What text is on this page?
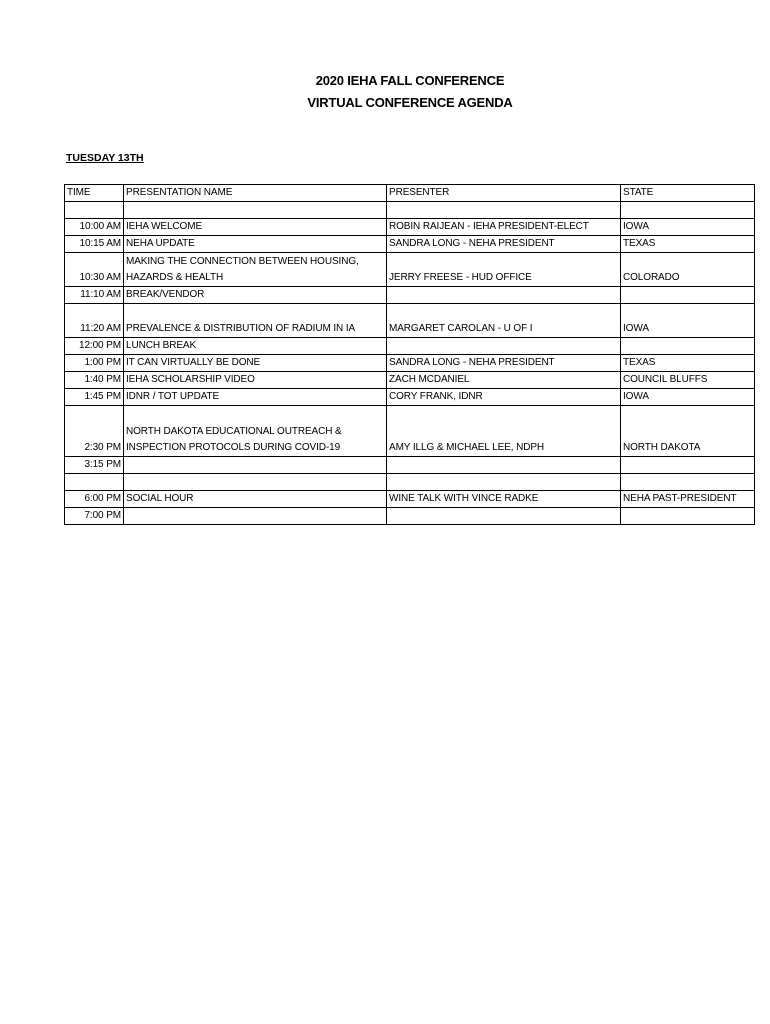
2020 IEHA FALL CONFERENCE
VIRTUAL CONFERENCE AGENDA
TUESDAY 13TH
TIME	PRESENTATION NAME	PRESENTER	STATE

10:00 AM	IEHA WELCOME	ROBIN RAIJEAN - IEHA PRESIDENT-ELECT	IOWA
10:15 AM	NEHA UPDATE	SANDRA LONG - NEHA PRESIDENT	TEXAS
10:30 AM	MAKING THE CONNECTION BETWEEN HOUSING, HAZARDS & HEALTH	JERRY FREESE - HUD OFFICE	COLORADO
11:10 AM	BREAK/VENDOR		
11:20 AM	PREVALENCE & DISTRIBUTION OF RADIUM IN IA	MARGARET CAROLAN - U OF I	IOWA
12:00 PM	LUNCH BREAK		
1:00 PM	IT CAN VIRTUALLY BE DONE	SANDRA LONG - NEHA PRESIDENT	TEXAS
1:40 PM	IEHA SCHOLARSHIP VIDEO	ZACH MCDANIEL	COUNCIL BLUFFS
1:45 PM	IDNR / TOT UPDATE	CORY FRANK, IDNR	IOWA
2:30 PM	NORTH DAKOTA EDUCATIONAL OUTREACH & INSPECTION PROTOCOLS DURING COVID-19	AMY ILLG & MICHAEL LEE, NDPH	NORTH DAKOTA
3:15 PM			

6:00 PM	SOCIAL HOUR	WINE TALK WITH VINCE RADKE	NEHA PAST-PRESIDENT
7:00 PM			
